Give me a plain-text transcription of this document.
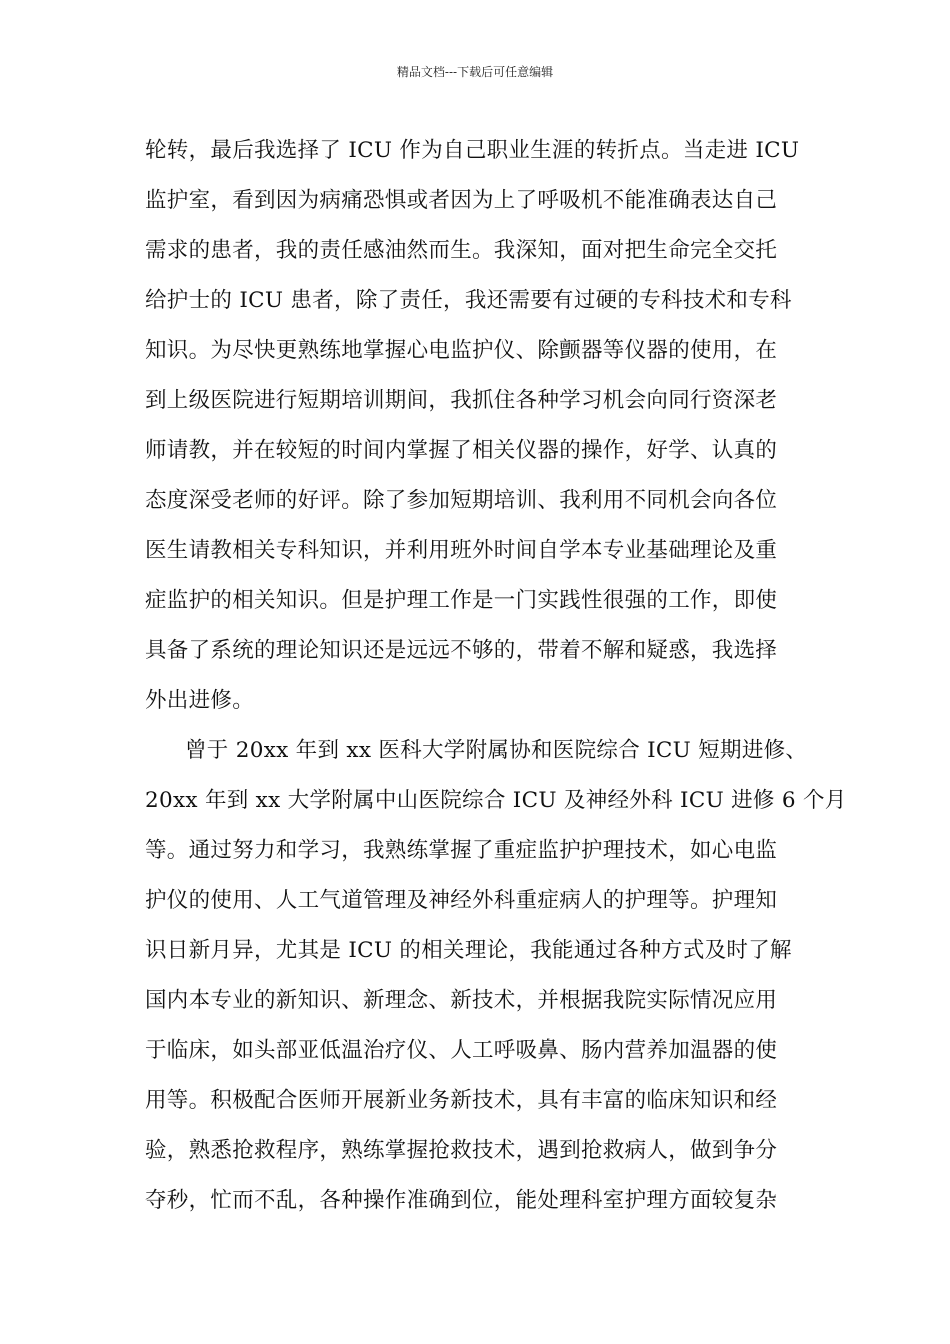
精品文档---下载后可任意编辑
轮转，最后我选择了 ICU 作为自己职业生涯的转折点。当走进 ICU
监护室，看到因为病痛恐惧或者因为上了呼吸机不能准确表达自己
需求的患者，我的责任感油然而生。我深知，面对把生命完全交托
给护士的 ICU 患者，除了责任，我还需要有过硬的专科技术和专科
知识。为尽快更熟练地掌握心电监护仪、除颤器等仪器的使用，在
到上级医院进行短期培训期间，我抓住各种学习机会向同行资深老
师请教，并在较短的时间内掌握了相关仪器的操作，好学、认真的
态度深受老师的好评。除了参加短期培训、我利用不同机会向各位
医生请教相关专科知识，并利用班外时间自学本专业基础理论及重
症监护的相关知识。但是护理工作是一门实践性很强的工作，即使
具备了系统的理论知识还是远远不够的，带着不解和疑惑，我选择
外出进修。
曾于 20xx 年到 xx 医科大学附属协和医院综合 ICU 短期进修、
20xx 年到 xx 大学附属中山医院综合 ICU 及神经外科 ICU 进修 6 个月
等。通过努力和学习，我熟练掌握了重症监护护理技术，如心电监
护仪的使用、人工气道管理及神经外科重症病人的护理等。护理知
识日新月异，尤其是 ICU 的相关理论，我能通过各种方式及时了解
国内本专业的新知识、新理念、新技术，并根据我院实际情况应用
于临床，如头部亚低温治疗仪、人工呼吸鼻、肠内营养加温器的使
用等。积极配合医师开展新业务新技术，具有丰富的临床知识和经
验，熟悉抢救程序，熟练掌握抢救技术，遇到抢救病人，做到争分
夺秒，忙而不乱，各种操作准确到位，能处理科室护理方面较复杂
